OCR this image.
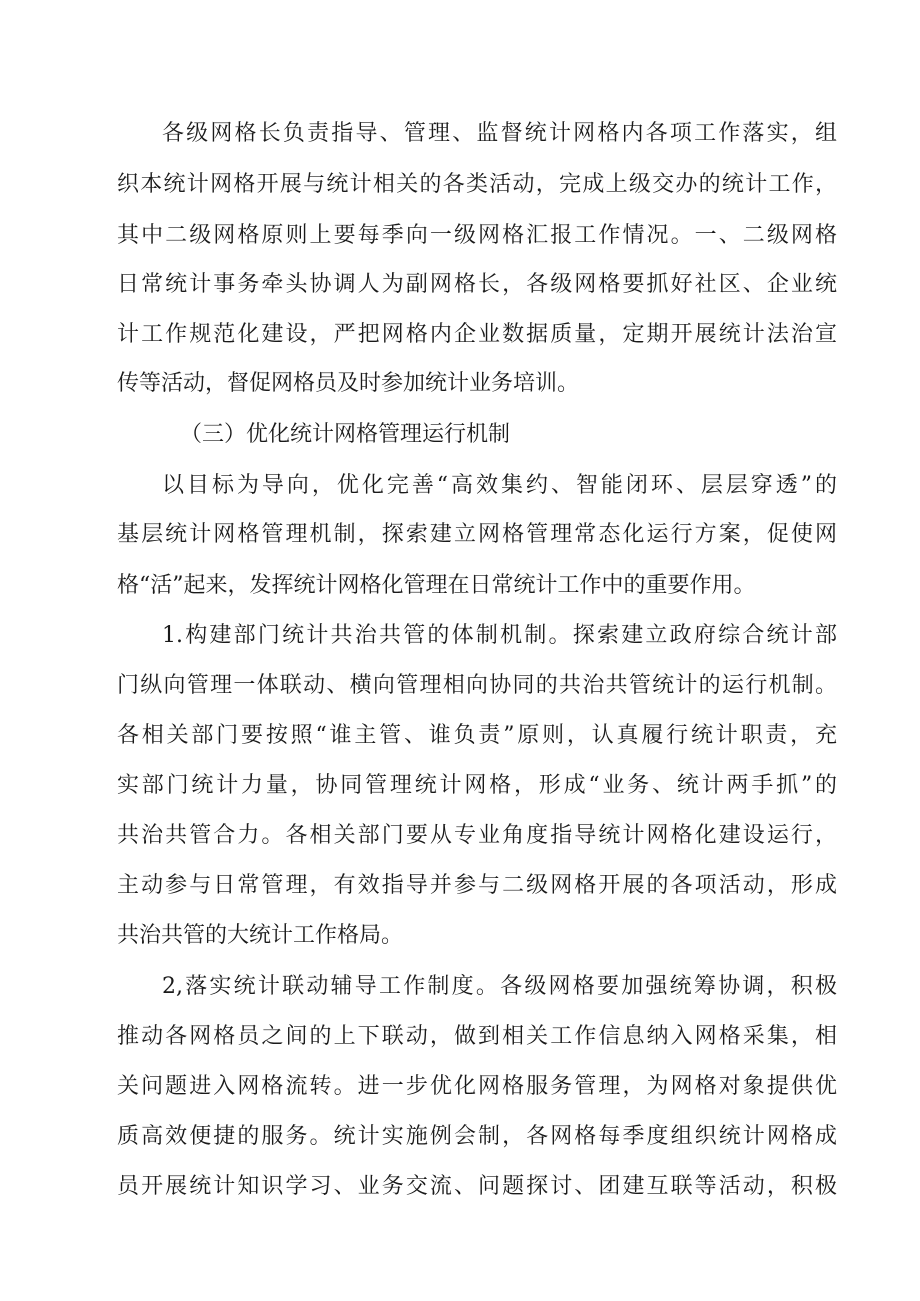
各级网格长负责指导、管理、监督统计网格内各项工作落实，组
织本统计网格开展与统计相关的各类活动，完成上级交办的统计工作，
其中二级网格原则上要每季向一级网格汇报工作情况。一、二级网格
日常统计事务牵头协调人为副网格长，各级网格要抓好社区、企业统
计工作规范化建设，严把网格内企业数据质量，定期开展统计法治宣
传等活动，督促网格员及时参加统计业务培训。
（三）优化统计网格管理运行机制
以目标为导向，优化完善“高效集约、智能闭环、层层穿透”的
基层统计网格管理机制，探索建立网格管理常态化运行方案，促使网
格“活”起来，发挥统计网格化管理在日常统计工作中的重要作用。
1.构建部门统计共治共管的体制机制。探索建立政府综合统计部
门纵向管理一体联动、横向管理相向协同的共治共管统计的运行机制。
各相关部门要按照“谁主管、谁负责”原则，认真履行统计职责，充
实部门统计力量，协同管理统计网格，形成“业务、统计两手抓”的
共治共管合力。各相关部门要从专业角度指导统计网格化建设运行，
主动参与日常管理，有效指导并参与二级网格开展的各项活动，形成
共治共管的大统计工作格局。
2,落实统计联动辅导工作制度。各级网格要加强统筹协调，积极
推动各网格员之间的上下联动，做到相关工作信息纳入网格采集，相
关问题进入网格流转。进一步优化网格服务管理，为网格对象提供优
质高效便捷的服务。统计实施例会制，各网格每季度组织统计网格成
员开展统计知识学习、业务交流、问题探讨、团建互联等活动，积极
